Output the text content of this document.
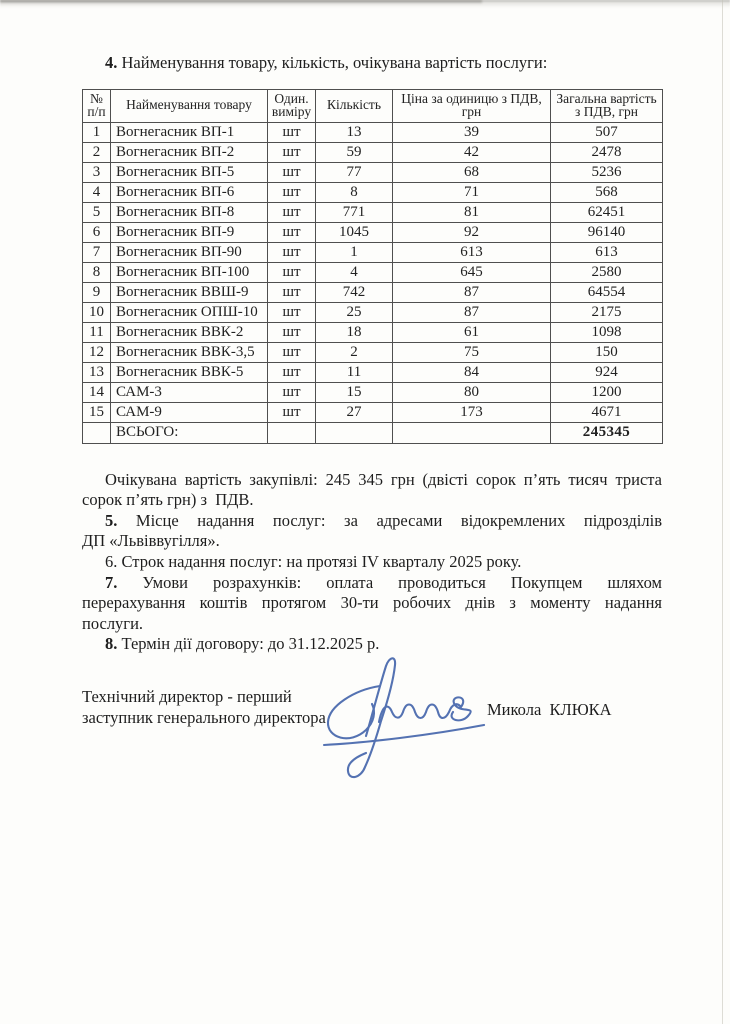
4. Найменування товару, кількість, очікувана вартість послуги:

№ п/п	Найменування товару	Один. виміру	Кількість	Ціна за одиницю з ПДВ, грн	Загальна вартість з ПДВ, грн
1	Вогнегасник ВП-1	шт	13	39	507
2	Вогнегасник ВП-2	шт	59	42	2478
3	Вогнегасник ВП-5	шт	77	68	5236
4	Вогнегасник ВП-6	шт	8	71	568
5	Вогнегасник ВП-8	шт	771	81	62451
6	Вогнегасник ВП-9	шт	1045	92	96140
7	Вогнегасник ВП-90	шт	1	613	613
8	Вогнегасник ВП-100	шт	4	645	2580
9	Вогнегасник ВВШ-9	шт	742	87	64554
10	Вогнегасник ОПШ-10	шт	25	87	2175
11	Вогнегасник ВВК-2	шт	18	61	1098
12	Вогнегасник ВВК-3,5	шт	2	75	150
13	Вогнегасник ВВК-5	шт	11	84	924
14	САМ-3	шт	15	80	1200
15	САМ-9	шт	27	173	4671
	ВСЬОГО:				245345
Очікувана вартість закупівлі: 245 345 грн (двісті сорок п’ять тисяч триста
сорок п’ять грн) з  ПДВ.
5. Місце надання послуг: за адресами відокремлених підрозділів
ДП «Львіввугілля».
6. Строк надання послуг: на протязі IV кварталу 2025 року.
7. Умови розрахунків: оплата проводиться Покупцем шляхом
перерахування коштів протягом 30-ти робочих днів з моменту надання
послуги.
8. Термін дії договору: до 31.12.2025 р.
Технічний директор - перший
заступник генерального директора	Микола  КЛЮКА
